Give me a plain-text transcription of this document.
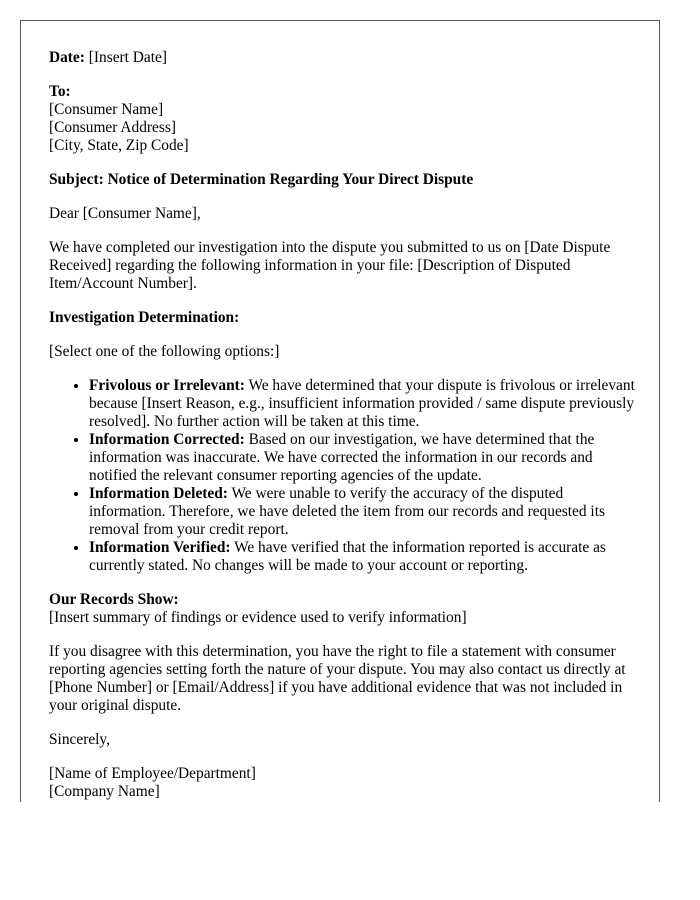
Date: [Insert Date]

To:
[Consumer Name]
[Consumer Address]
[City, State, Zip Code]

Subject: Notice of Determination Regarding Your Direct Dispute

Dear [Consumer Name],

We have completed our investigation into the dispute you submitted to us on [Date Dispute Received] regarding the following information in your file: [Description of Disputed Item/Account Number].

Investigation Determination:

[Select one of the following options:]

• Frivolous or Irrelevant: We have determined that your dispute is frivolous or irrelevant because [Insert Reason, e.g., insufficient information provided / same dispute previously resolved]. No further action will be taken at this time.
• Information Corrected: Based on our investigation, we have determined that the information was inaccurate. We have corrected the information in our records and notified the relevant consumer reporting agencies of the update.
• Information Deleted: We were unable to verify the accuracy of the disputed information. Therefore, we have deleted the item from our records and requested its removal from your credit report.
• Information Verified: We have verified that the information reported is accurate as currently stated. No changes will be made to your account or reporting.

Our Records Show:
[Insert summary of findings or evidence used to verify information]

If you disagree with this determination, you have the right to file a statement with consumer reporting agencies setting forth the nature of your dispute. You may also contact us directly at [Phone Number] or [Email/Address] if you have additional evidence that was not included in your original dispute.

Sincerely,

[Name of Employee/Department]
[Company Name]
